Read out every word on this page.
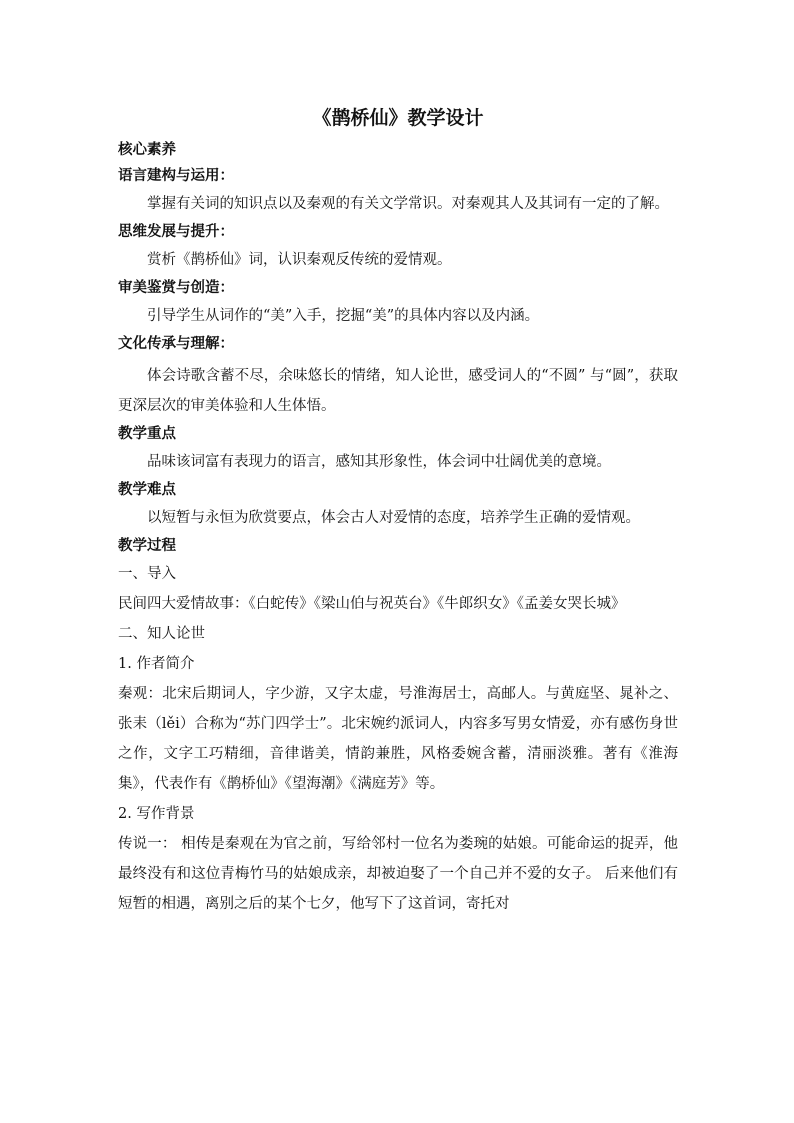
《鹊桥仙》教学设计
核心素养
语言建构与运用：
掌握有关词的知识点以及秦观的有关文学常识。对秦观其人及其词有一定的了解。
思维发展与提升：
赏析《鹊桥仙》词，认识秦观反传统的爱情观。
审美鉴赏与创造：
引导学生从词作的“美”入手，挖掘“美”的具体内容以及内涵。
文化传承与理解：
体会诗歌含蓄不尽，余味悠长的情绪，知人论世，感受词人的“不圆” 与“圆”，获取更深层次的审美体验和人生体悟。
教学重点
品味该词富有表现力的语言，感知其形象性，体会词中壮阔优美的意境。
教学难点
以短暂与永恒为欣赏要点，体会古人对爱情的态度，培养学生正确的爱情观。
教学过程
一、导入
民间四大爱情故事：《白蛇传》《梁山伯与祝英台》《牛郎织女》《孟姜女哭长城》
二、知人论世
1. 作者简介
秦观：北宋后期词人，字少游，又字太虚，号淮海居士，高邮人。与黄庭坚、晁补之、张耒（lěi）合称为“苏门四学士”。北宋婉约派词人，内容多写男女情爱，亦有感伤身世之作，文字工巧精细，音律谐美，情韵兼胜，风格委婉含蓄，清丽淡雅。著有《淮海集》，代表作有《鹊桥仙》《望海潮》《满庭芳》等。
2. 写作背景
传说一： 相传是秦观在为官之前，写给邻村一位名为娄琬的姑娘。可能命运的捉弄，他最终没有和这位青梅竹马的姑娘成亲，却被迫娶了一个自己并不爱的女子。 后来他们有短暂的相遇，离别之后的某个七夕，他写下了这首词，寄托对
